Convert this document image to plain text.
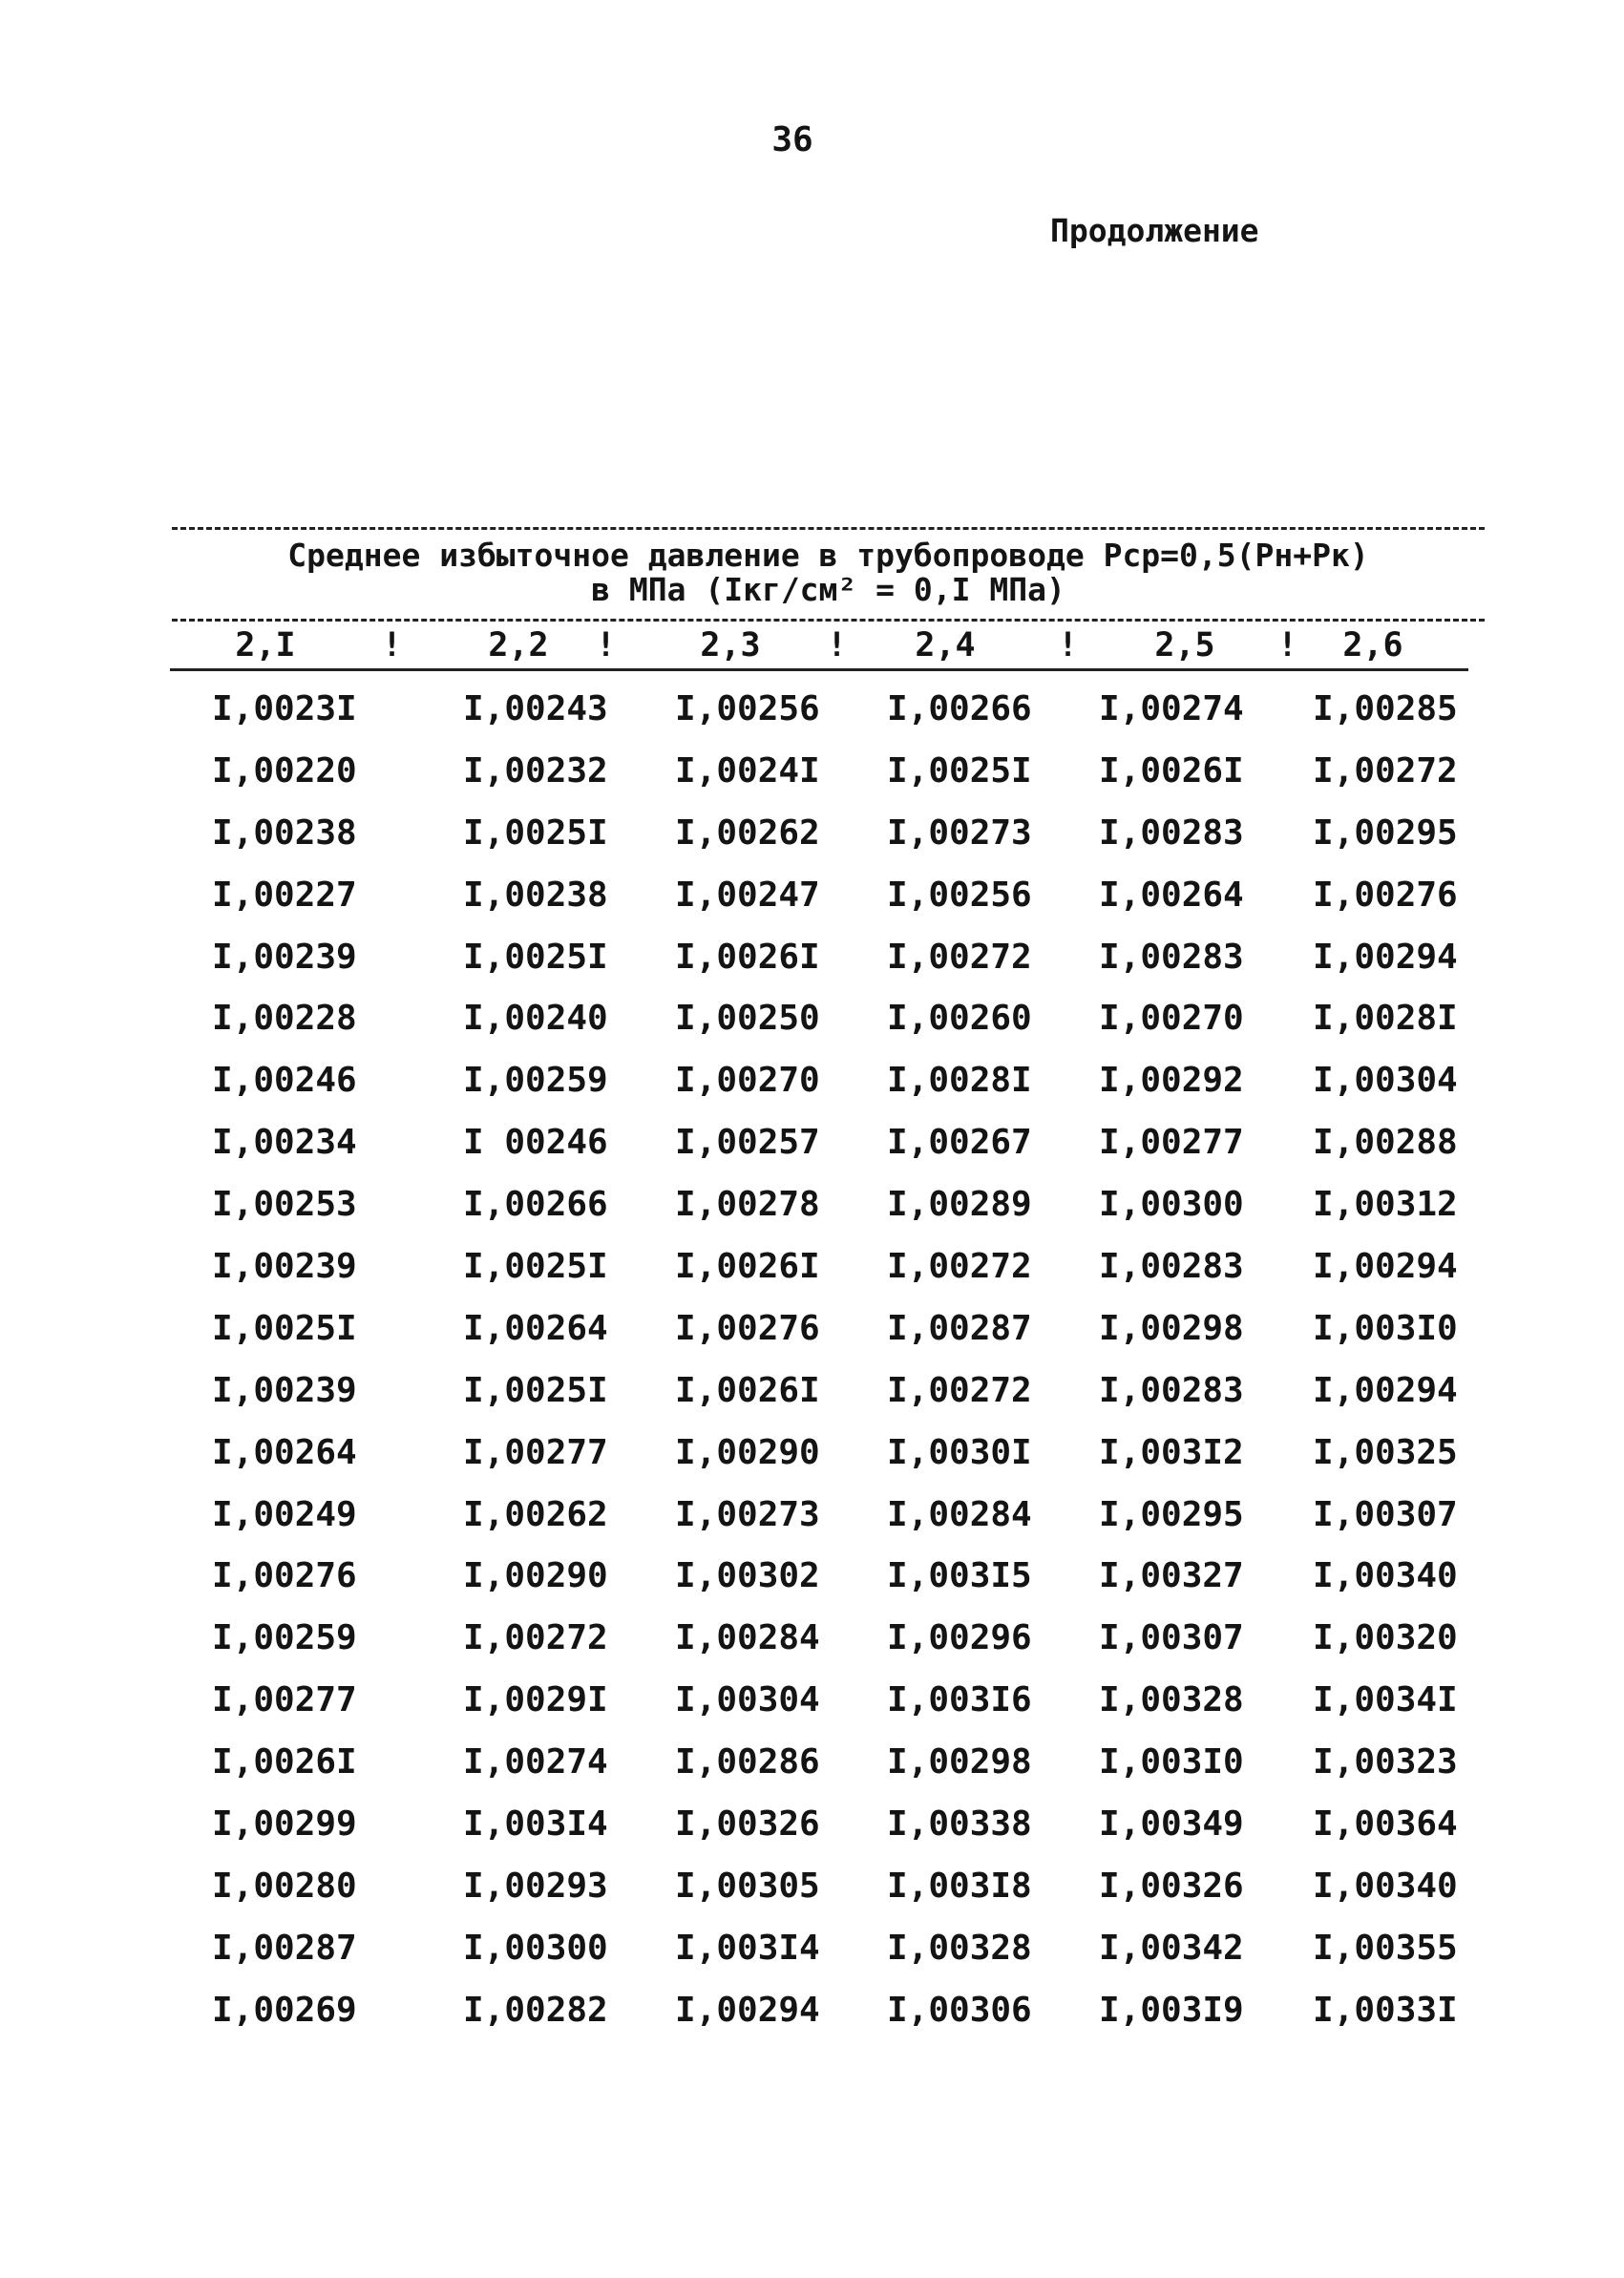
36
Продолжение
Среднее избыточное давление в трубопроводе Рср=0,5(Рн+Рк)
в МПа (Iкг/см² = 0,I МПа)
2,I	!	2,2	!	2,3	!	2,4	!	2,5	!	2,6
I,0023I	I,00243 I,00256 I,00266 I,00274 I,00285
I,00220	I,00232 I,0024I I,0025I I,0026I I,00272
I,00238	I,0025I I,00262 I,00273 I,00283 I,00295
I,00227	I,00238 I,00247 I,00256 I,00264 I,00276
I,00239	I,0025I I,0026I I,00272 I,00283 I,00294
I,00228	I,00240 I,00250 I,00260 I,00270 I,0028I
I,00246	I,00259 I,00270 I,0028I I,00292 I,00304
I,00234	I 00246 I,00257 I,00267 I,00277 I,00288
I,00253	I,00266 I,00278 I,00289 I,00300 I,00312
I,00239	I,0025I I,0026I I,00272 I,00283 I,00294
I,0025I	I,00264 I,00276 I,00287 I,00298 I,003I0
I,00239	I,0025I I,0026I I,00272 I,00283 I,00294
I,00264	I,00277 I,00290 I,0030I I,003I2 I,00325
I,00249	I,00262 I,00273 I,00284 I,00295 I,00307
I,00276	I,00290 I,00302 I,003I5 I,00327 I,00340
I,00259	I,00272 I,00284 I,00296 I,00307 I,00320
I,00277	I,0029I I,00304 I,003I6 I,00328 I,0034I
I,0026I	I,00274 I,00286 I,00298 I,003I0 I,00323
I,00299	I,003I4 I,00326 I,00338 I,00349 I,00364
I,00280	I,00293 I,00305 I,003I8 I,00326 I,00340
I,00287	I,00300 I,003I4 I,00328 I,00342 I,00355
I,00269	I,00282 I,00294 I,00306 I,003I9 I,0033I
